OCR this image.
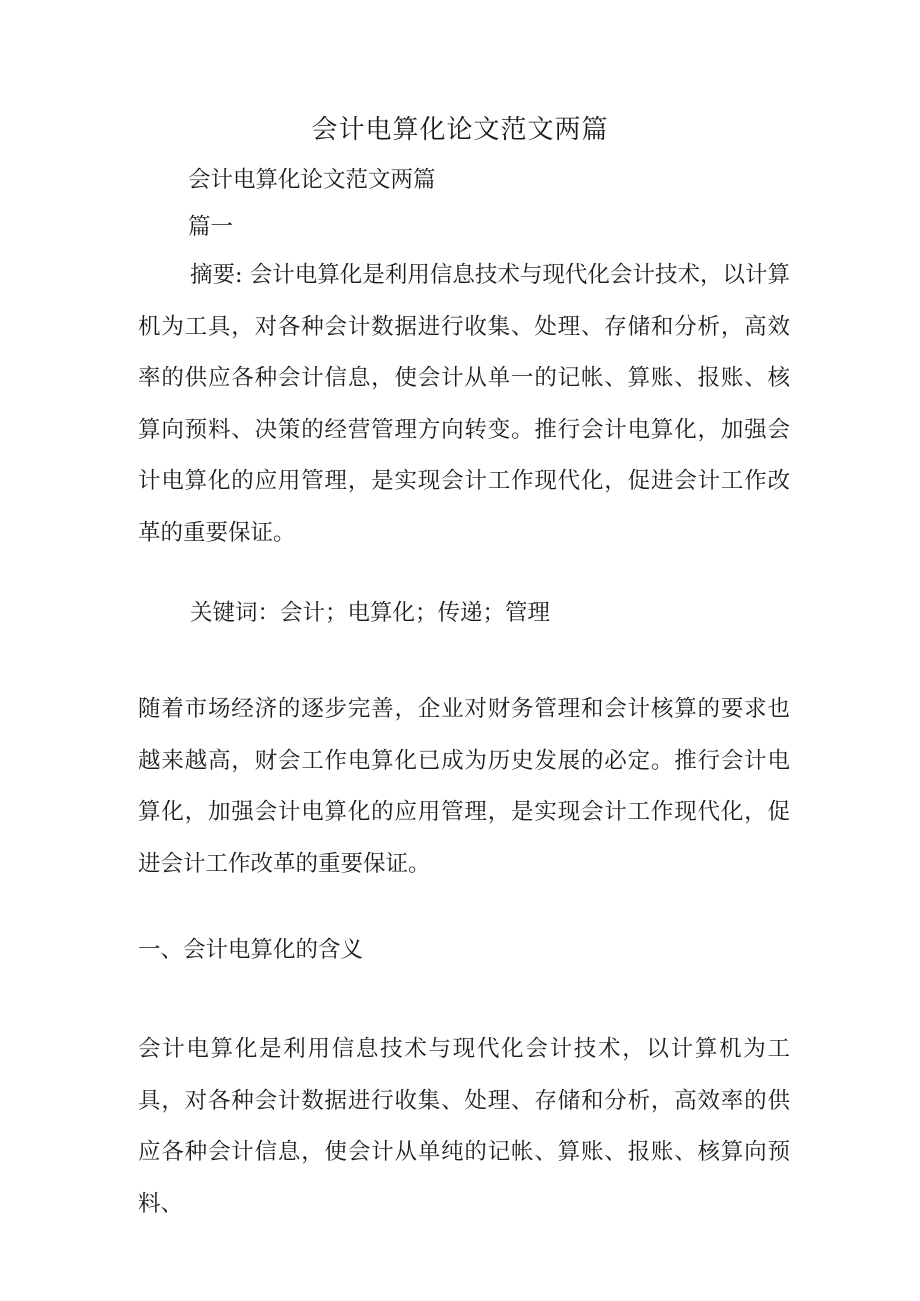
会计电算化论文范文两篇
会计电算化论文范文两篇
篇一
摘要: 会计电算化是利用信息技术与现代化会计技术，以计算机为工具，对各种会计数据进行收集、处理、存储和分析，高效率的供应各种会计信息，使会计从单一的记帐、算账、报账、核算向预料、决策的经营管理方向转变。推行会计电算化，加强会计电算化的应用管理，是实现会计工作现代化，促进会计工作改革的重要保证。
关键词：会计；电算化；传递；管理
随着市场经济的逐步完善，企业对财务管理和会计核算的要求也越来越高，财会工作电算化已成为历史发展的必定。推行会计电算化，加强会计电算化的应用管理，是实现会计工作现代化，促进会计工作改革的重要保证。
一、会计电算化的含义
会计电算化是利用信息技术与现代化会计技术，以计算机为工具，对各种会计数据进行收集、处理、存储和分析，高效率的供应各种会计信息，使会计从单纯的记帐、算账、报账、核算向预料、
